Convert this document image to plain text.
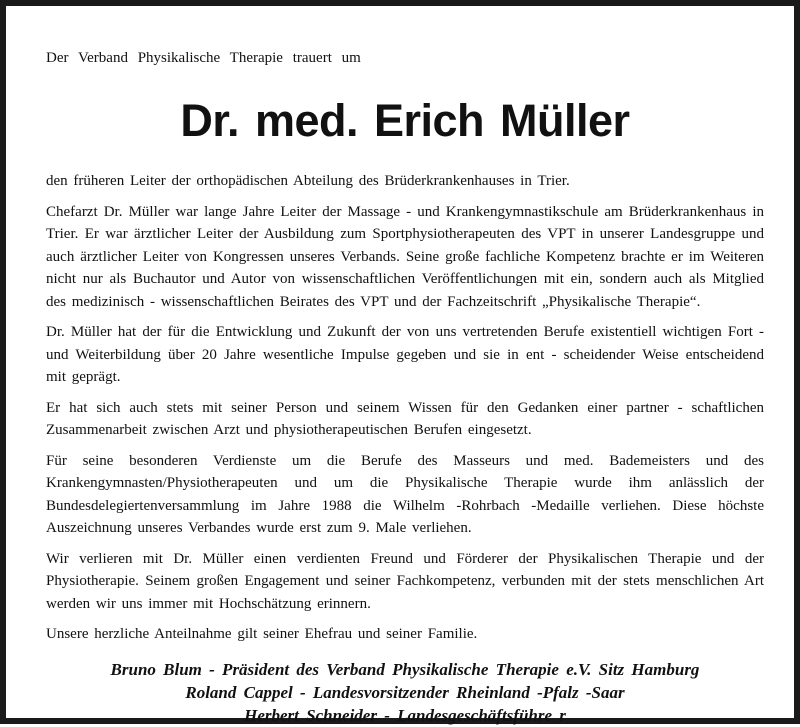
Der Verband Physikalische Therapie trauert um

Dr. med. Erich Müller

den früheren Leiter der orthopädischen Abteilung des Brüderkrankenhauses in Trier.

Chefarzt Dr. Müller war lange Jahre Leiter der Massage - und Krankengymnastikschule am Brüderkrankenhaus in Trier. Er war ärztlicher Leiter der Ausbildung zum Sportphysiotherapeuten des VPT in unserer Landesgruppe und auch ärztlicher Leiter von Kongressen unseres Verbands. Seine große fachliche Kompetenz brachte er im Weiteren nicht nur als Buchautor und Autor von wissenschaftlichen Veröffentlichungen mit ein, sondern auch als Mitglied des medizinisch - wissenschaftlichen Beirates des VPT und der Fachzeitschrift „Physikalische Therapie“.

Dr. Müller hat der für die Entwicklung und Zukunft der von uns vertretenden Berufe existentiell wichtigen Fort - und Weiterbildung über 20 Jahre wesentliche Impulse gegeben und sie in ent - scheidender Weise entscheidend mit geprägt.

Er hat sich auch stets mit seiner Person und seinem Wissen für den Gedanken einer partner - schaftlichen Zusammenarbeit zwischen Arzt und physiotherapeutischen Berufen eingesetzt.

Für seine besonderen Verdienste um die Berufe des Masseurs und med. Bademeisters und des Krankengymnasten/Physiotherapeuten und um die Physikalische Therapie wurde ihm anlässlich der Bundesdelegiertenversammlung im Jahre 1988 die Wilhelm -Rohrbach -Medaille verliehen. Diese höchste Auszeichnung unseres Verbandes wurde erst zum 9. Male verliehen.

Wir verlieren mit Dr. Müller einen verdienten Freund und Förderer der Physikalischen Therapie und der Physiotherapie. Seinem großen Engagement und seiner Fachkompetenz, verbunden mit der stets menschlichen Art werden wir uns immer mit Hochschätzung erinnern.

Unsere herzliche Anteilnahme gilt seiner Ehefrau und seiner Familie.

Bruno Blum - Präsident des Verband Physikalische Therapie e.V. Sitz Hamburg
Roland Cappel - Landesvorsitzender Rheinland -Pfalz -Saar
Herbert Schneider - Landesgeschäftsführe r
